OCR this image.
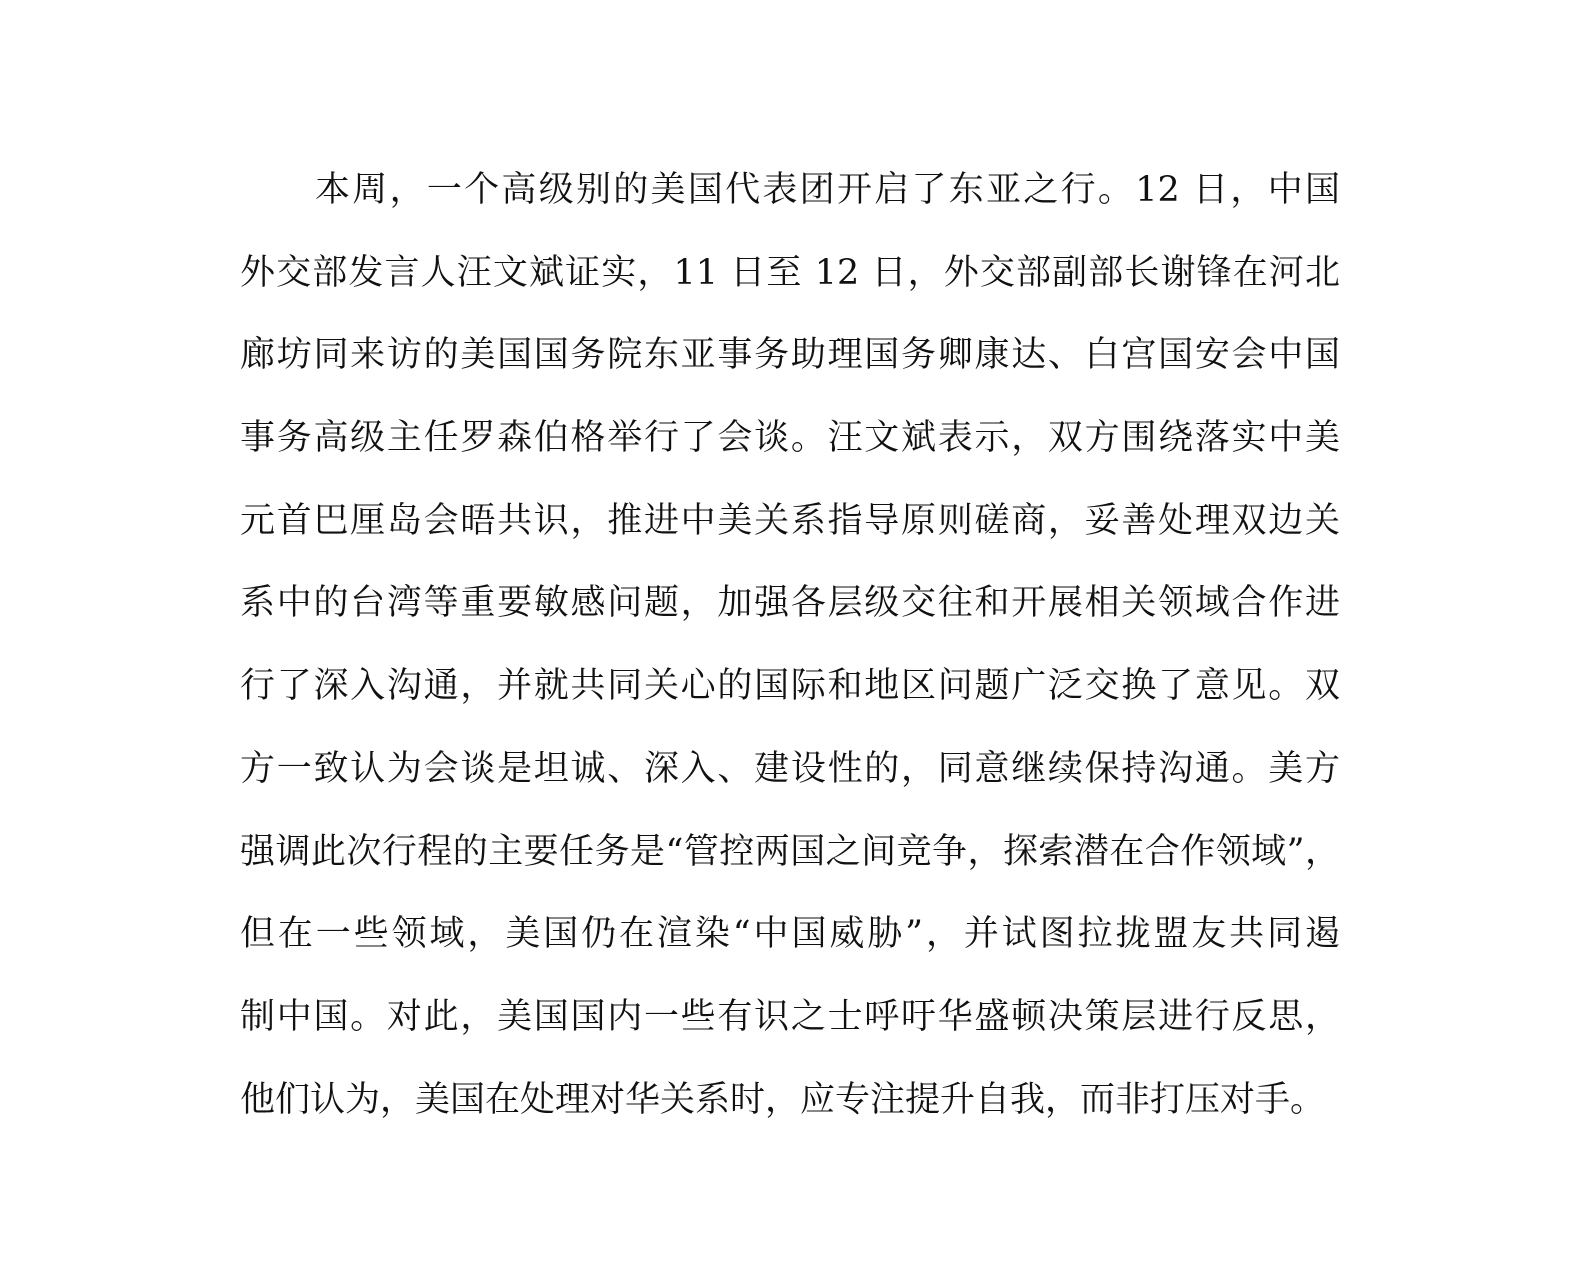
本周，一个高级别的美国代表团开启了东亚之行。12 日，中国
外交部发言人汪文斌证实，11 日至 12 日，外交部副部长谢锋在河北
廊坊同来访的美国国务院东亚事务助理国务卿康达、白宫国安会中国
事务高级主任罗森伯格举行了会谈。汪文斌表示，双方围绕落实中美
元首巴厘岛会晤共识，推进中美关系指导原则磋商，妥善处理双边关
系中的台湾等重要敏感问题，加强各层级交往和开展相关领域合作进
行了深入沟通，并就共同关心的国际和地区问题广泛交换了意见。双
方一致认为会谈是坦诚、深入、建设性的，同意继续保持沟通。美方
强调此次行程的主要任务是“管控两国之间竞争，探索潜在合作领域”，
但在一些领域，美国仍在渲染“中国威胁”，并试图拉拢盟友共同遏
制中国。对此，美国国内一些有识之士呼吁华盛顿决策层进行反思，
他们认为，美国在处理对华关系时，应专注提升自我，而非打压对手。
